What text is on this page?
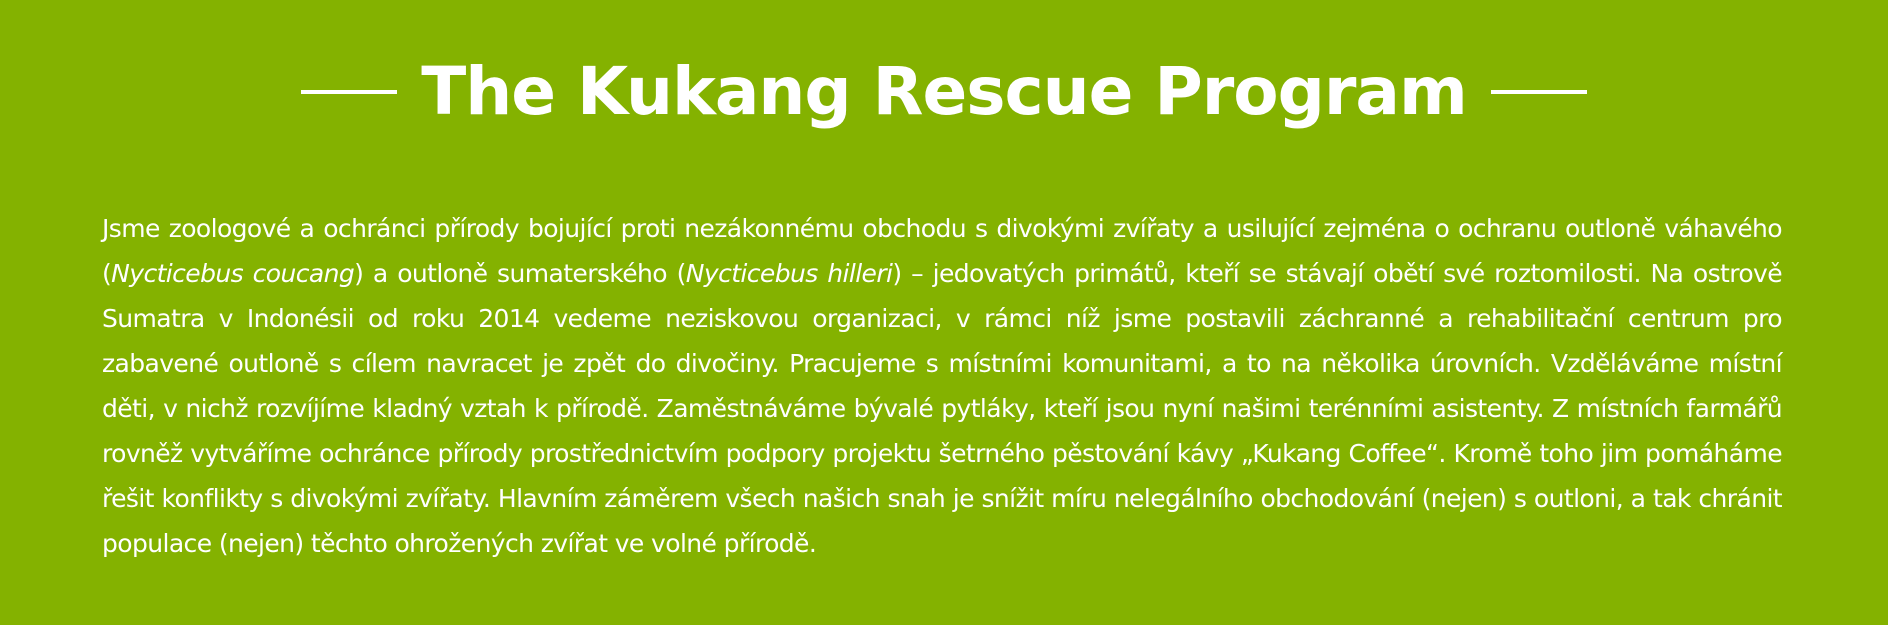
The Kukang Rescue Program

Jsme zoologové a ochránci přírody bojující proti nezákonnému obchodu s divokými zvířaty a usilující zejména o ochranu outloně váhavého (Nycticebus coucang) a outloně sumaterského (Nycticebus hilleri) – jedovatých primátů, kteří se stávají obětí své roztomilosti. Na ostrově Sumatra v Indonésii od roku 2014 vedeme neziskovou organizaci, v rámci níž jsme postavili záchranné a rehabilitační centrum pro zabavené outloně s cílem navracet je zpět do divočiny. Pracujeme s místními komunitami, a to na několika úrovních. Vzděláváme místní děti, v nichž rozvíjíme kladný vztah k přírodě. Zaměstnáváme bývalé pytláky, kteří jsou nyní našimi terénními asistenty. Z místních farmářů rovněž vytváříme ochránce přírody prostřednictvím podpory projektu šetrného pěstování kávy „Kukang Coffee“. Kromě toho jim pomáháme řešit konflikty s divokými zvířaty. Hlavním záměrem všech našich snah je snížit míru nelegálního obchodování (nejen) s outloni, a tak chránit populace (nejen) těchto ohrožených zvířat ve volné přírodě.
